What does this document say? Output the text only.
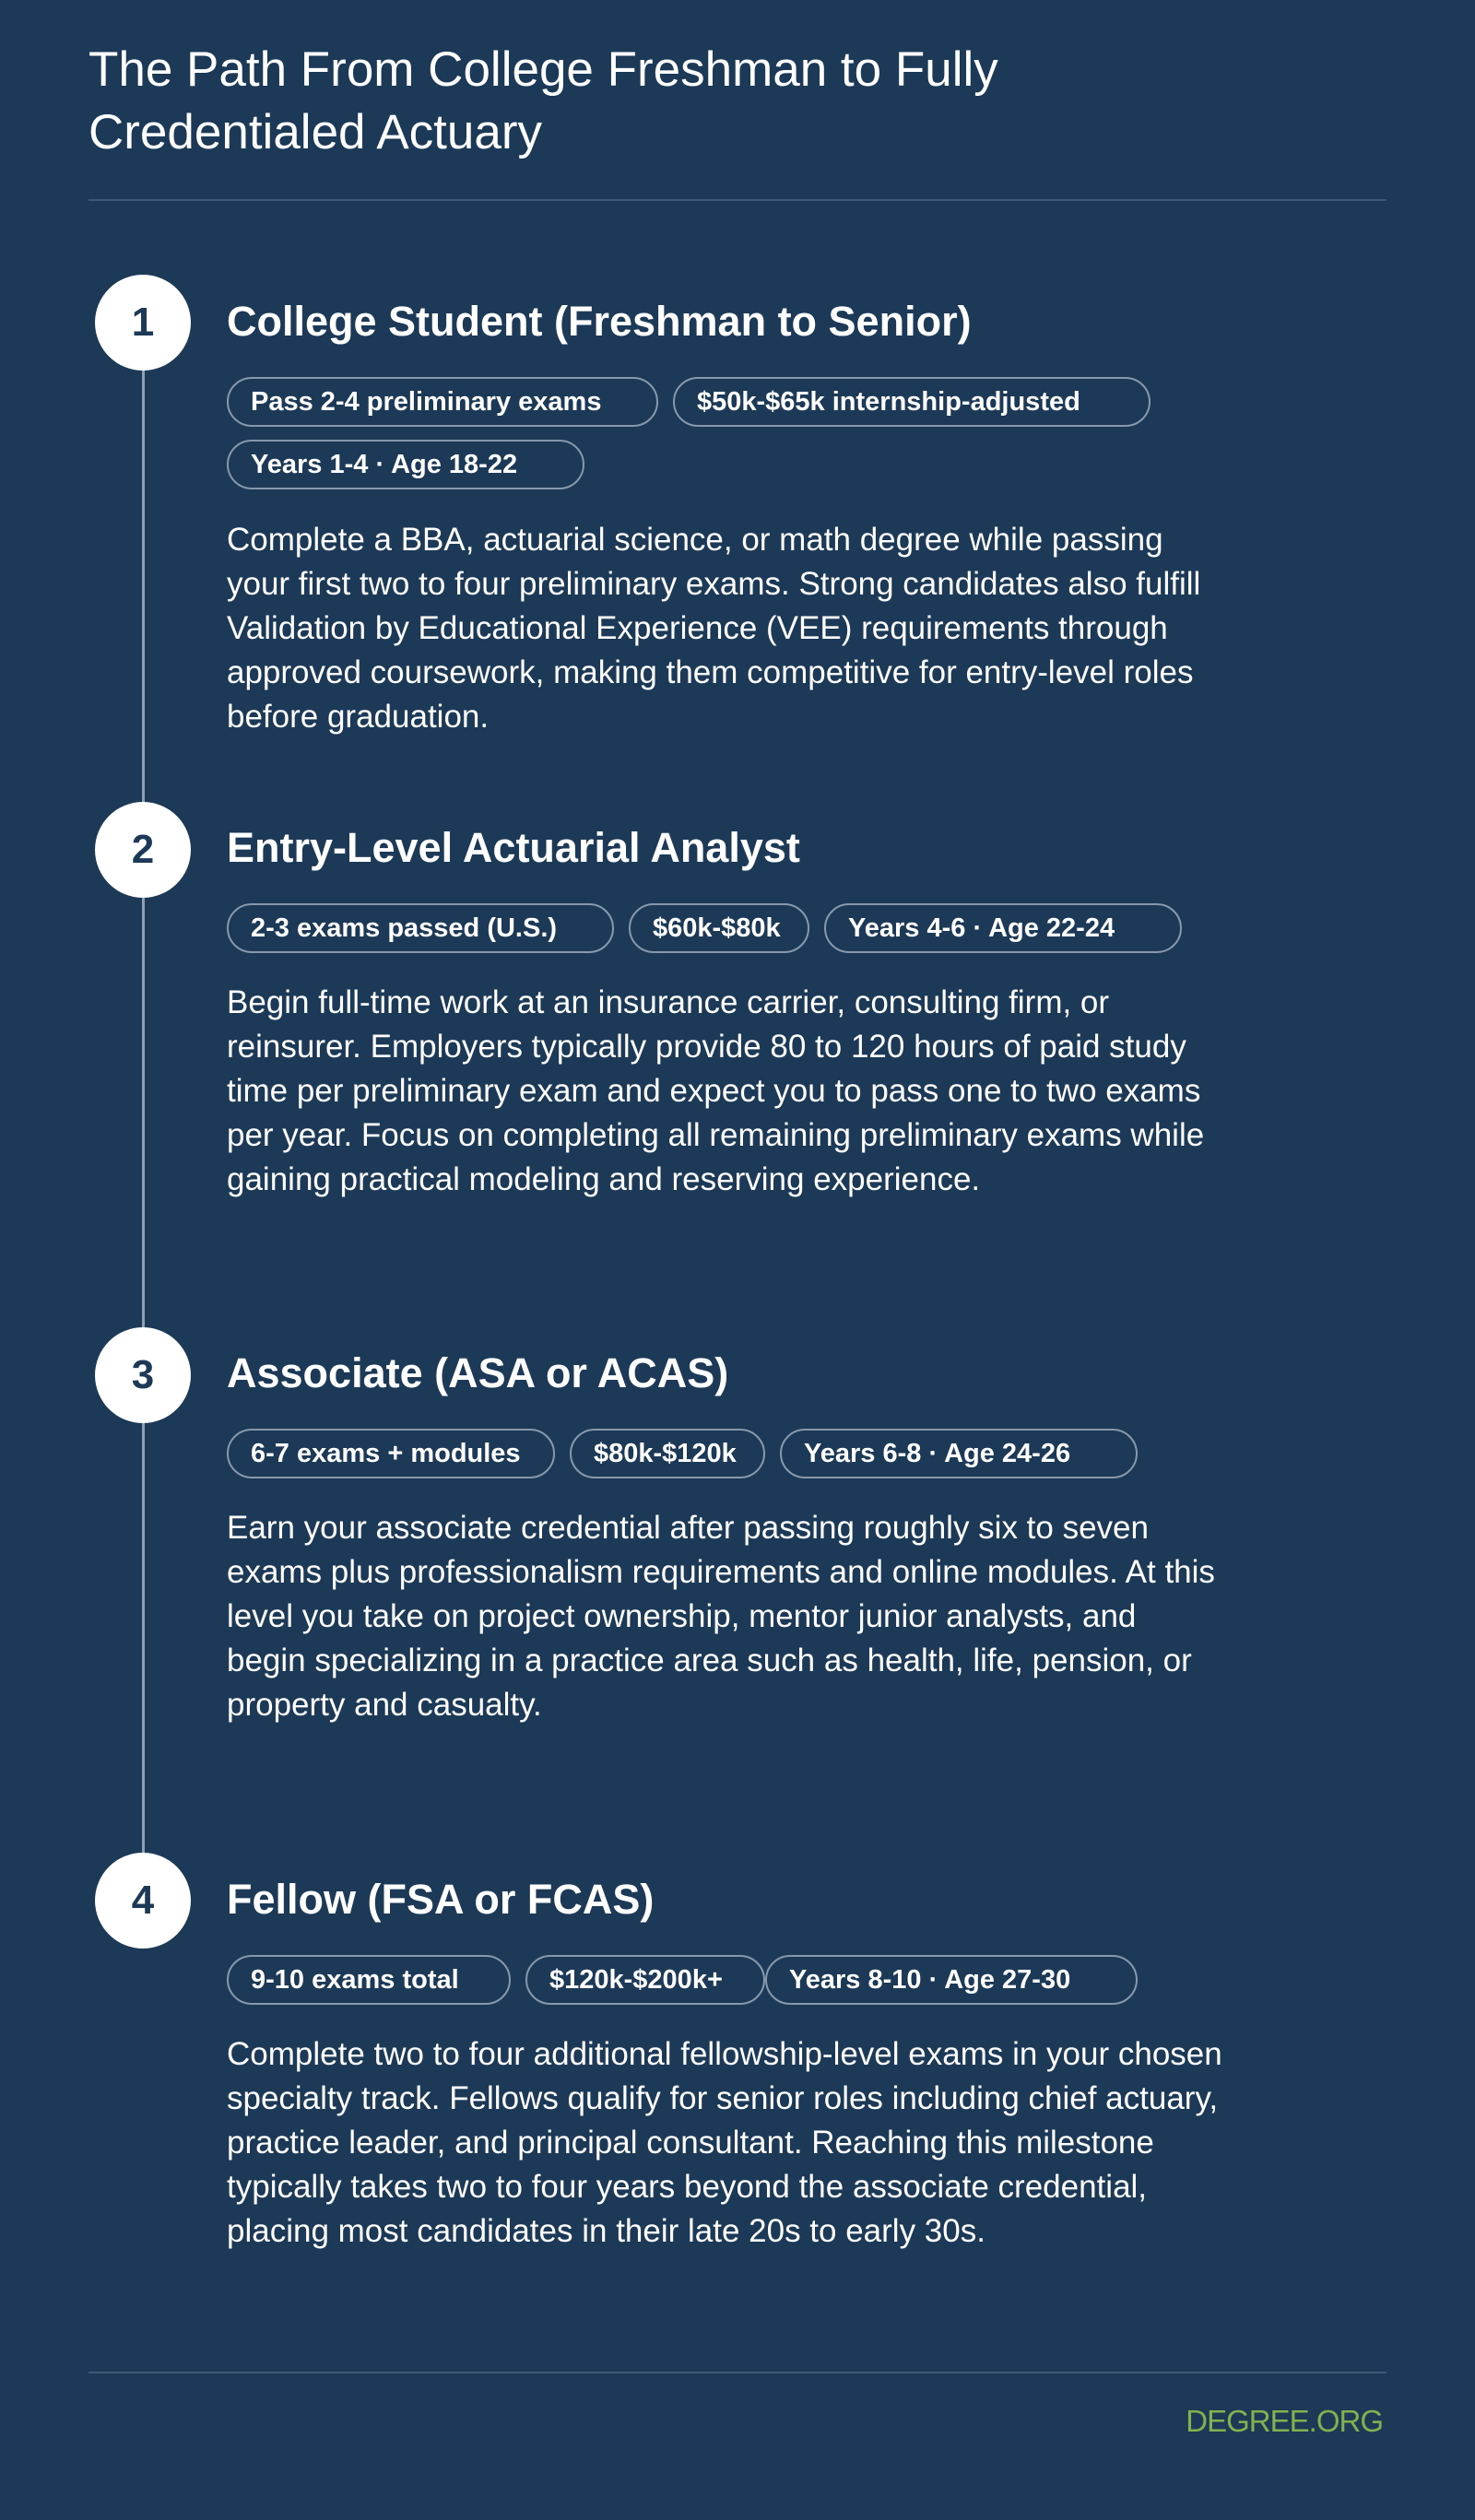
The Path From College Freshman to Fully Credentialed Actuary
1	College Student (Freshman to Senior)
Pass 2-4 preliminary exams	$50k-$65k internship-adjusted
Years 1-4 · Age 18-22

Complete a BBA, actuarial science, or math degree while passing your first two to four preliminary exams. Strong candidates also fulfill Validation by Educational Experience (VEE) requirements through approved coursework, making them competitive for entry-level roles before graduation.

2	Entry-Level Actuarial Analyst
2-3 exams passed (U.S.)	$60k-$80k	Years 4-6 · Age 22-24

Begin full-time work at an insurance carrier, consulting firm, or reinsurer. Employers typically provide 80 to 120 hours of paid study time per preliminary exam and expect you to pass one to two exams per year. Focus on completing all remaining preliminary exams while gaining practical modeling and reserving experience.

3	Associate (ASA or ACAS)
6-7 exams + modules	$80k-$120k	Years 6-8 · Age 24-26

Earn your associate credential after passing roughly six to seven exams plus professionalism requirements and online modules. At this level you take on project ownership, mentor junior analysts, and begin specializing in a practice area such as health, life, pension, or property and casualty.

4	Fellow (FSA or FCAS)
9-10 exams total	$120k-$200k+	Years 8-10 · Age 27-30

Complete two to four additional fellowship-level exams in your chosen specialty track. Fellows qualify for senior roles including chief actuary, practice leader, and principal consultant. Reaching this milestone typically takes two to four years beyond the associate credential, placing most candidates in their late 20s to early 30s.

DEGREE.ORG
